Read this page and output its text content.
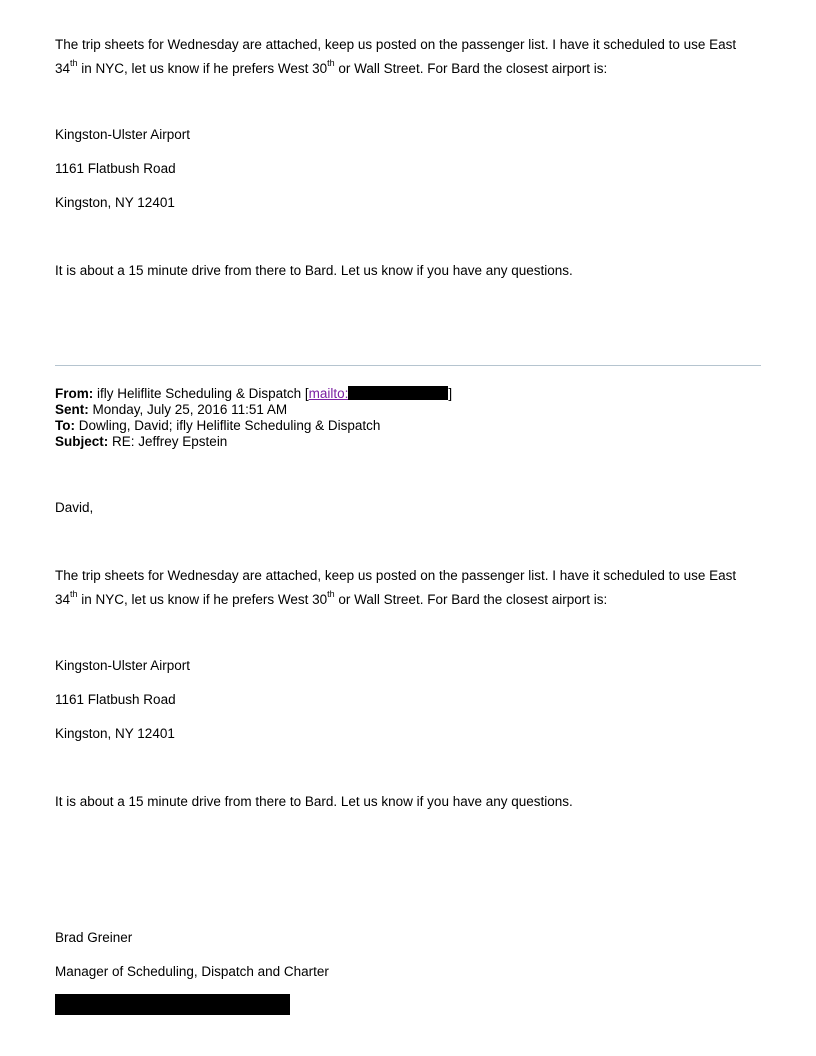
The trip sheets for Wednesday are attached, keep us posted on the passenger list. I have it scheduled to use East

34th in NYC, let us know if he prefers West 30th or Wall Street. For Bard the closest airport is:

Kingston-Ulster Airport

1161 Flatbush Road

Kingston, NY 12401

It is about a 15 minute drive from there to Bard. Let us know if you have any questions.

From: ifly Heliflite Scheduling & Dispatch [mailto:	]

Sent: Monday, July 25, 2016 11:51 AM

To: Dowling, David; ifly Heliflite Scheduling & Dispatch

Subject: RE: Jeffrey Epstein

David,

The trip sheets for Wednesday are attached, keep us posted on the passenger list. I have it scheduled to use East

34th in NYC, let us know if he prefers West 30th or Wall Street. For Bard the closest airport is:

Kingston-Ulster Airport

1161 Flatbush Road

Kingston, NY 12401

It is about a 15 minute drive from there to Bard. Let us know if you have any questions.

Brad Greiner

Manager of Scheduling, Dispatch and Charter
